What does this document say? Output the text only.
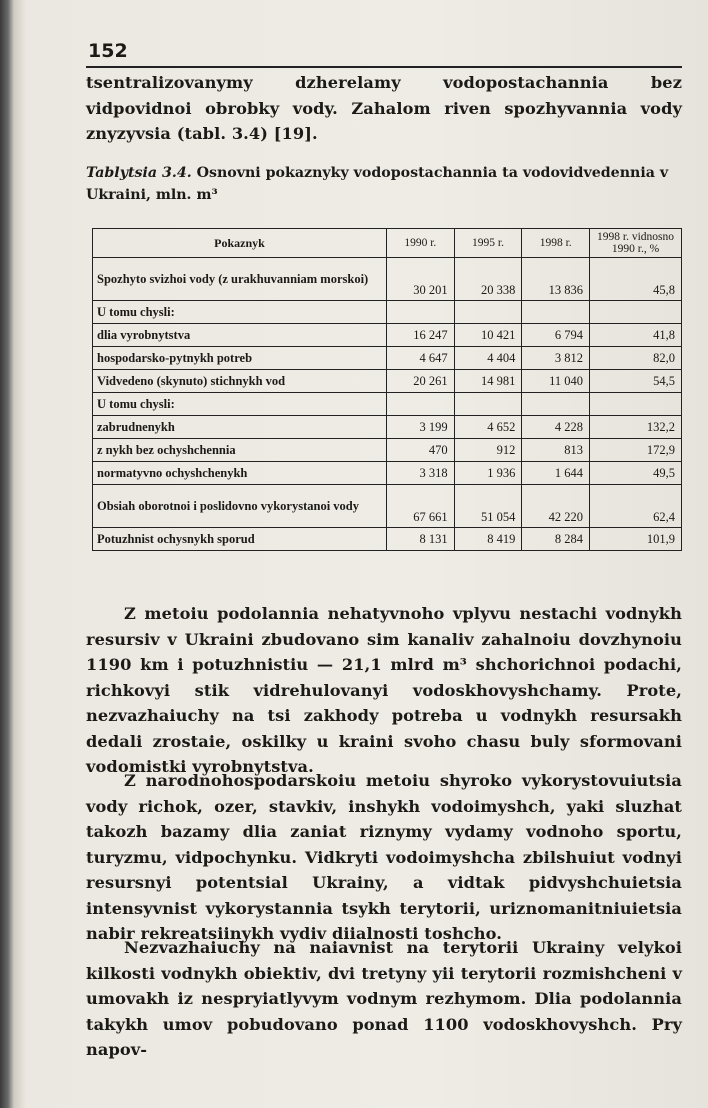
152
tsentralizovanymy dzherelamy vodopostachannia bez vidpovidnoi obrobky vody. Zahalom riven spozhyvannia vody znyzyvsia (tabl. 3.4) [19].
Tablytsia 3.4. Osnovni pokaznyky vodopostachannia ta vodovidvedennia v Ukraini, mln. m³
Pokaznyk	1990 r.	1995 r.	1998 r.	1998 r. vidnosno 1990 r., %
Spozhyto svizhoi vody (z urakhuvanniam morskoi)	30 201	20 338	13 836	45,8
U tomu chysli:				
dlia vyrobnytstva	16 247	10 421	6 794	41,8
hospodarsko-pytnykh potreb	4 647	4 404	3 812	82,0
Vidvedeno (skynuto) stichnykh vod	20 261	14 981	11 040	54,5
U tomu chysli:				
zabrudnenykh	3 199	4 652	4 228	132,2
z nykh bez ochyshchennia	470	912	813	172,9
normatyvno ochyshchenykh	3 318	1 936	1 644	49,5
Obsiah oborotnoi i poslidovno vykorystanoi vody	67 661	51 054	42 220	62,4
Potuzhnist ochysnykh sporud	8 131	8 419	8 284	101,9
Z metoiu podolannia nehatyvnoho vplyvu nestachi vodnykh resursiv v Ukraini zbudovano sim kanaliv zahalnoiu dovzhynoiu 1190 km i potuzhnistiu — 21,1 mlrd m³ shchorichnoi podachi, richkovyi stik vidrehulovanyi vodoskhovyshchamy. Prote, nezvazhaiuchy na tsi zakhody potreba u vodnykh resursakh dedali zrostaie, oskilky u kraini svoho chasu buly sformovani vodomistki vyrobnytstva.
Z narodnohospodarskoiu metoiu shyroko vykorystovuiutsia vody richok, ozer, stavkiv, inshykh vodoimyshch, yaki sluzhat takozh bazamy dlia zaniat riznymy vydamy vodnoho sportu, turyzmu, vidpochynku. Vidkryti vodoimyshcha zbilshuiut vodnyi resursnyi potentsial Ukrainy, a vidtak pidvyshchuietsia intensyvnist vykorystannia tsykh terytorii, uriznomanitniuietsia nabir rekreatsiinykh vydiv diialnosti toshcho.
Nezvazhaiuchy na naiavnist na terytorii Ukrainy velykoi kilkosti vodnykh obiektiv, dvi tretyny yii terytorii rozmishcheni v umovakh iz nespryiatlyvym vodnym rezhymom. Dlia podolannia takykh umov pobudovano ponad 1100 vodoskhovyshch. Pry napov-
